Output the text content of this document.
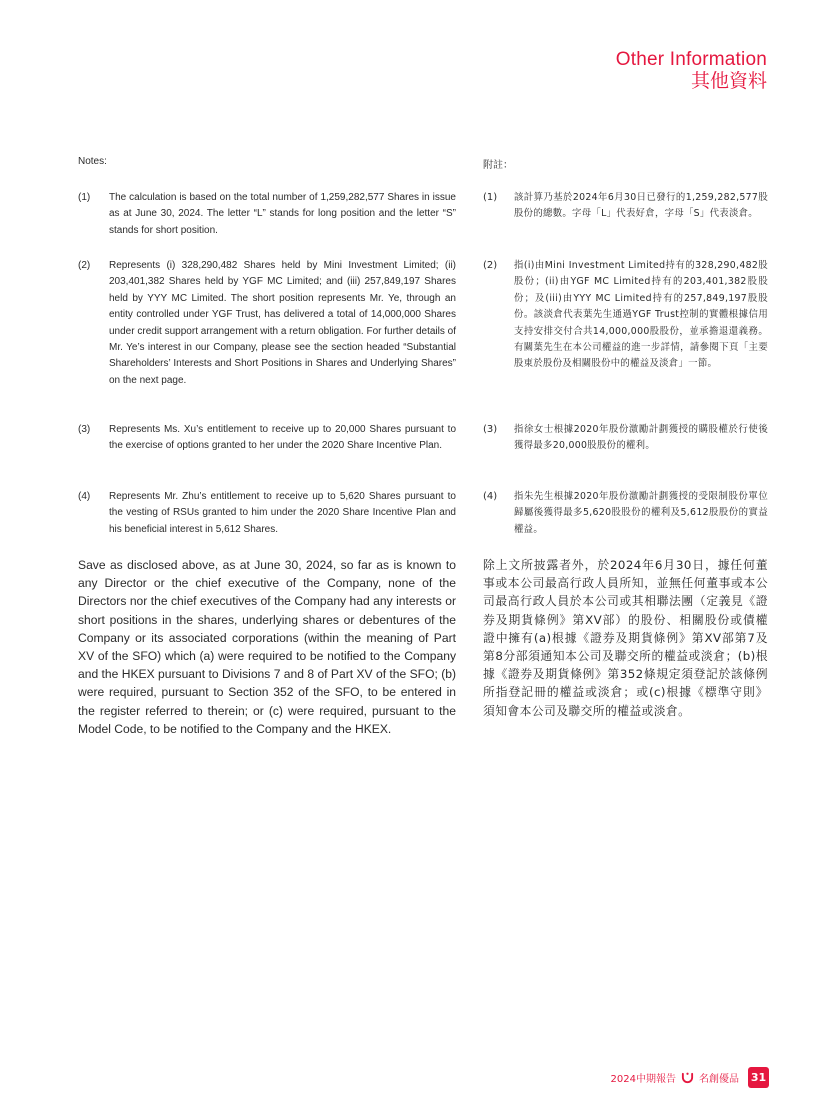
Other Information
其他資料
Notes:
(1)	The calculation is based on the total number of 1,259,282,577 Shares in issue as at June 30, 2024. The letter “L” stands for long position and the letter “S” stands for short position.
(2)	Represents (i) 328,290,482 Shares held by Mini Investment Limited; (ii) 203,401,382 Shares held by YGF MC Limited; and (iii) 257,849,197 Shares held by YYY MC Limited. The short position represents Mr. Ye, through an entity controlled under YGF Trust, has delivered a total of 14,000,000 Shares under credit support arrangement with a return obligation. For further details of Mr. Ye’s interest in our Company, please see the section headed “Substantial Shareholders’ Interests and Short Positions in Shares and Underlying Shares” on the next page.
(3)	Represents Ms. Xu’s entitlement to receive up to 20,000 Shares pursuant to the exercise of options granted to her under the 2020 Share Incentive Plan.
(4)	Represents Mr. Zhu’s entitlement to receive up to 5,620 Shares pursuant to the vesting of RSUs granted to him under the 2020 Share Incentive Plan and his beneficial interest in 5,612 Shares.
Save as disclosed above, as at June 30, 2024, so far as is known to any Director or the chief executive of the Company, none of the Directors nor the chief executives of the Company had any interests or short positions in the shares, underlying shares or debentures of the Company or its associated corporations (within the meaning of Part XV of the SFO) which (a) were required to be notified to the Company and the HKEX pursuant to Divisions 7 and 8 of Part XV of the SFO; (b) were required, pursuant to Section 352 of the SFO, to be entered in the register referred to therein; or (c) were required, pursuant to the Model Code, to be notified to the Company and the HKEX.
附註：
(1)	該計算乃基於2024年6月30日已發行的1,259,282,577股股份的總數。字母「L」代表好倉，字母「S」代表淡倉。
(2)	指(i)由Mini Investment Limited持有的328,290,482股股份；(ii)由YGF MC Limited持有的203,401,382股股份；及(iii)由YYY MC Limited持有的257,849,197股股份。該淡倉代表葉先生通過YGF Trust控制的實體根據信用支持安排交付合共14,000,000股股份，並承擔退還義務。有關葉先生在本公司權益的進一步詳情，請參閱下頁「主要股東於股份及相關股份中的權益及淡倉」一節。
(3)	指徐女士根據2020年股份激勵計劃獲授的購股權於行使後獲得最多20,000股股份的權利。
(4)	指朱先生根據2020年股份激勵計劃獲授的受限制股份單位歸屬後獲得最多5,620股股份的權利及5,612股股份的實益權益。
除上文所披露者外，於2024年6月30日，據任何董事或本公司最高行政人員所知，並無任何董事或本公司最高行政人員於本公司或其相聯法團（定義見《證券及期貨條例》第XV部）的股份、相關股份或債權證中擁有(a)根據《證券及期貨條例》第XV部第7及第8分部須通知本公司及聯交所的權益或淡倉；(b)根據《證券及期貨條例》第352條規定須登記於該條例所指登記冊的權益或淡倉；或(c)根據《標準守則》須知會本公司及聯交所的權益或淡倉。
2024中期報告 名創優品 31
